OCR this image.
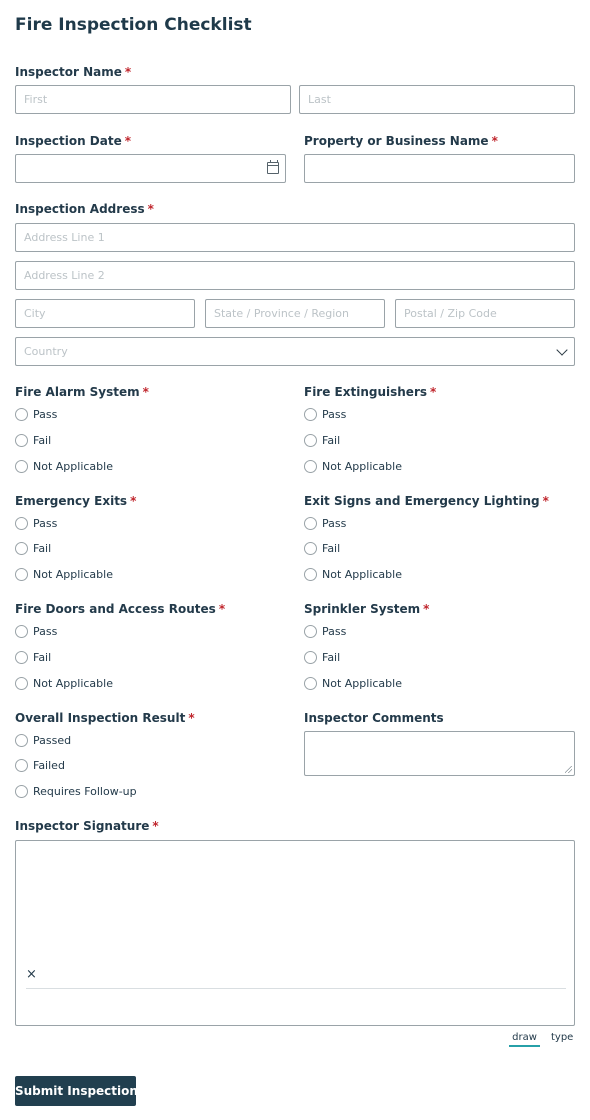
Fire Inspection Checklist
Inspector Name *
First	Last
Inspection Date *	Property or Business Name *
Inspection Address *
Address Line 1
Address Line 2
City	State / Province / Region	Postal / Zip Code
Country
Fire Alarm System *
Pass
Fail
Not Applicable
Fire Extinguishers *
Pass
Fail
Not Applicable
Emergency Exits *
Pass
Fail
Not Applicable
Exit Signs and Emergency Lighting *
Pass
Fail
Not Applicable
Fire Doors and Access Routes *
Pass
Fail
Not Applicable
Sprinkler System *
Pass
Fail
Not Applicable
Overall Inspection Result *
Passed
Failed
Requires Follow-up
Inspector Comments
Inspector Signature *
×
draw	type
Submit Inspection
